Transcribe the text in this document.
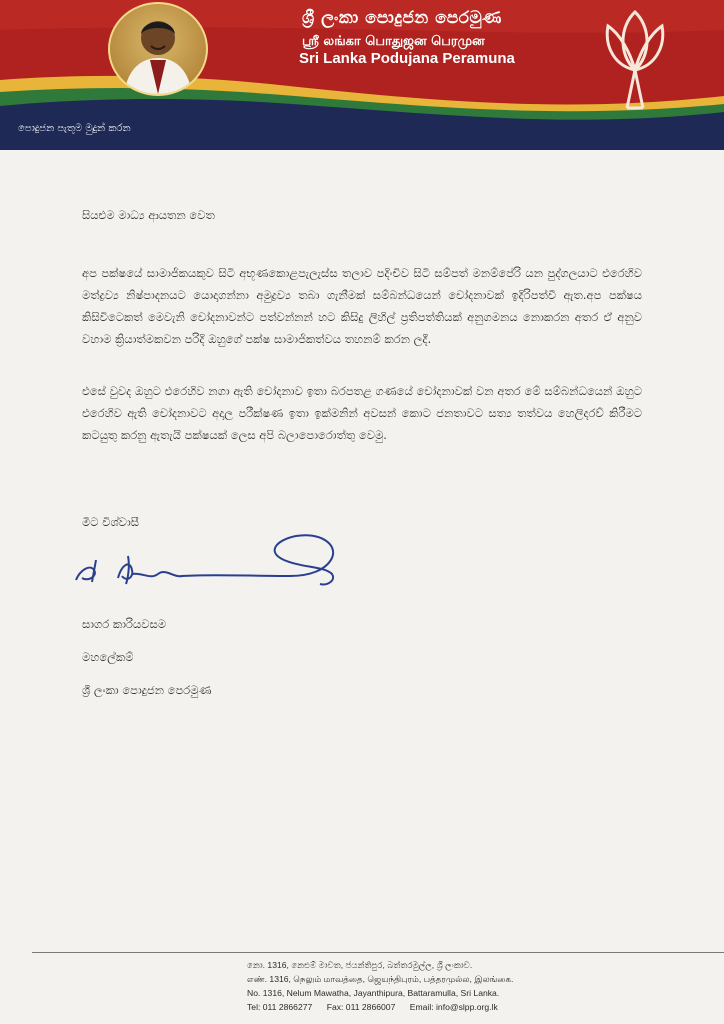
ශ්‍රී ලංකා පොදුජන පෙරමුණ
ஸ்ரீ லங்கா பொதுஜன பெரமுன
Sri Lanka Podujana Peramuna
පොදුජන පැතුම මුදුන් කරන
සියළුම මාධ්‍ය ආයතන වෙත
අප පක්ෂයේ සාමාජිකයකුව සිටි අභූණකොළපැලැස්ස තලාව පදිංචිව සිටි සම්පත් මනම්පේරි යන පුද්ගලයාට එරෙහිව මත්ද්‍රව්‍ය නිෂ්පාදනයට යොදාගන්නා අමුද්‍රව්‍ය තබා ගැනීමක් සම්බන්ධයෙන් චෝදනාවක් ඉදිරිපත්වී ඇත.අප පක්ෂය කිසිවිටෙකත් මෙවැනි චෝදනාවන්ට පත්වන්නන් හට කිසිදු ලිහිල් ප්‍රතිපත්තියක් අනුගමනය නොකරන අතර ඒ අනුව වහාම ක්‍රියාත්මකවන පරිදි ඔහුගේ පක්ෂ සාමාජිකත්වය තහනම් කරන ලදී.
එසේ වුවද ඔහුට එරෙහිව නගා ඇති චෝදනාව ඉතා බරපතළ ගණයේ චෝදනාවක් වන අතර මේ සම්බන්ධයෙන් ඔහුට එරෙහිව ඇති චෝදනාවට අදාල පරීක්ෂණ ඉතා ඉක්මනින් අවසන් කොට ජනතාවට සත්‍ය තත්වය හෙලිදරව් කිරීමට කටයුතු කරනු ඇතැයි පක්ෂයක් ලෙස අපි බලාපොරොත්තු වෙමු.
මීට විශ්වාසී
සාගර කාරියවසම
මහලේකම්
ශ්‍රී ලංකා පොදුජන පෙරමුණ
නො. 1316, නෙළුම් මාවත, ජයන්තිපුර, බත්තරමුල්ල, ශ්‍රී ලංකාව.
எண். 1316, நெலும் மாவத்தை, ஜெயந்திபுரம், பத்தரமுல்ல, இலங்கை.
No. 1316, Nelum Mawatha, Jayanthipura, Battaramulla, Sri Lanka.
Tel: 011 2866277 Fax: 011 2866007 Email: info@slpp.org.lk
